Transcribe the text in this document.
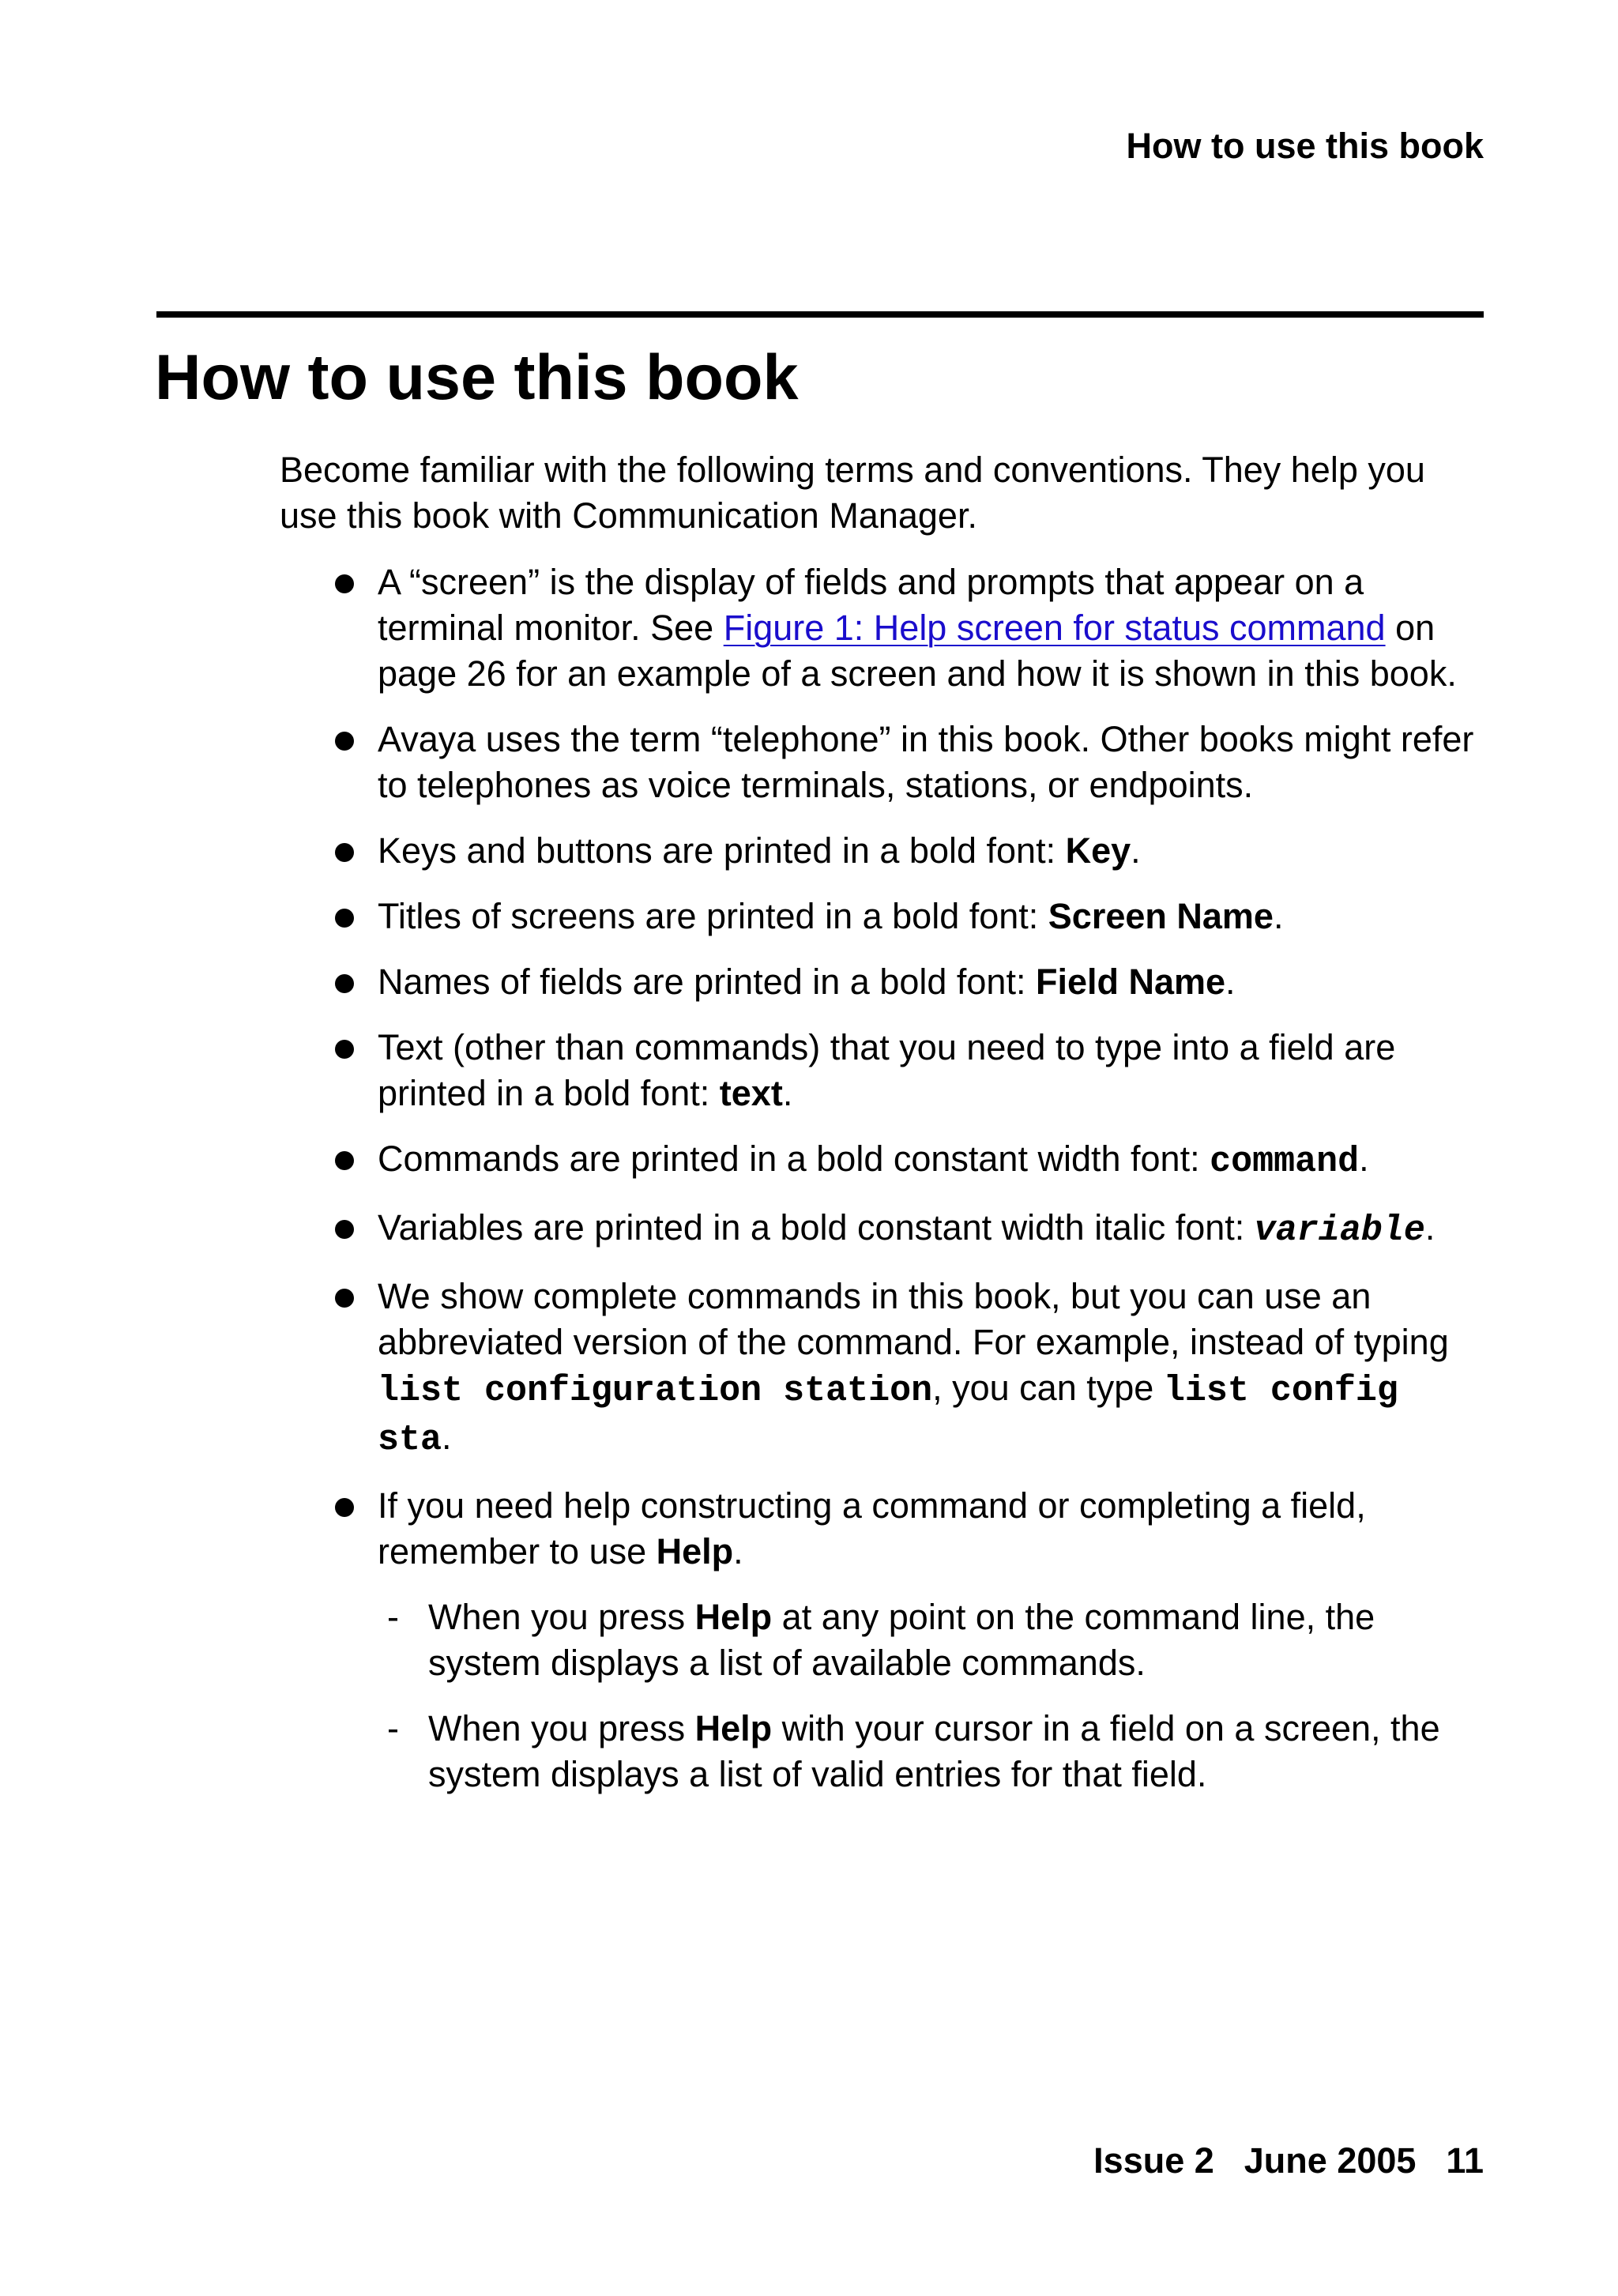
How to use this book
How to use this book

Become familiar with the following terms and conventions. They help you use this book with Communication Manager.

A “screen” is the display of fields and prompts that appear on a terminal monitor. See Figure 1: Help screen for status command on page 26 for an example of a screen and how it is shown in this book.
Avaya uses the term “telephone” in this book. Other books might refer to telephones as voice terminals, stations, or endpoints.
Keys and buttons are printed in a bold font: Key.
Titles of screens are printed in a bold font: Screen Name.
Names of fields are printed in a bold font: Field Name.
Text (other than commands) that you need to type into a field are printed in a bold font: text.
Commands are printed in a bold constant width font: command.
Variables are printed in a bold constant width italic font: variable.
We show complete commands in this book, but you can use an abbreviated version of the command. For example, instead of typing list configuration station, you can type list config sta.
If you need help constructing a command or completing a field, remember to use Help.
- When you press Help at any point on the command line, the system displays a list of available commands.
- When you press Help with your cursor in a field on a screen, the system displays a list of valid entries for that field.
Issue 2 June 2005 11
